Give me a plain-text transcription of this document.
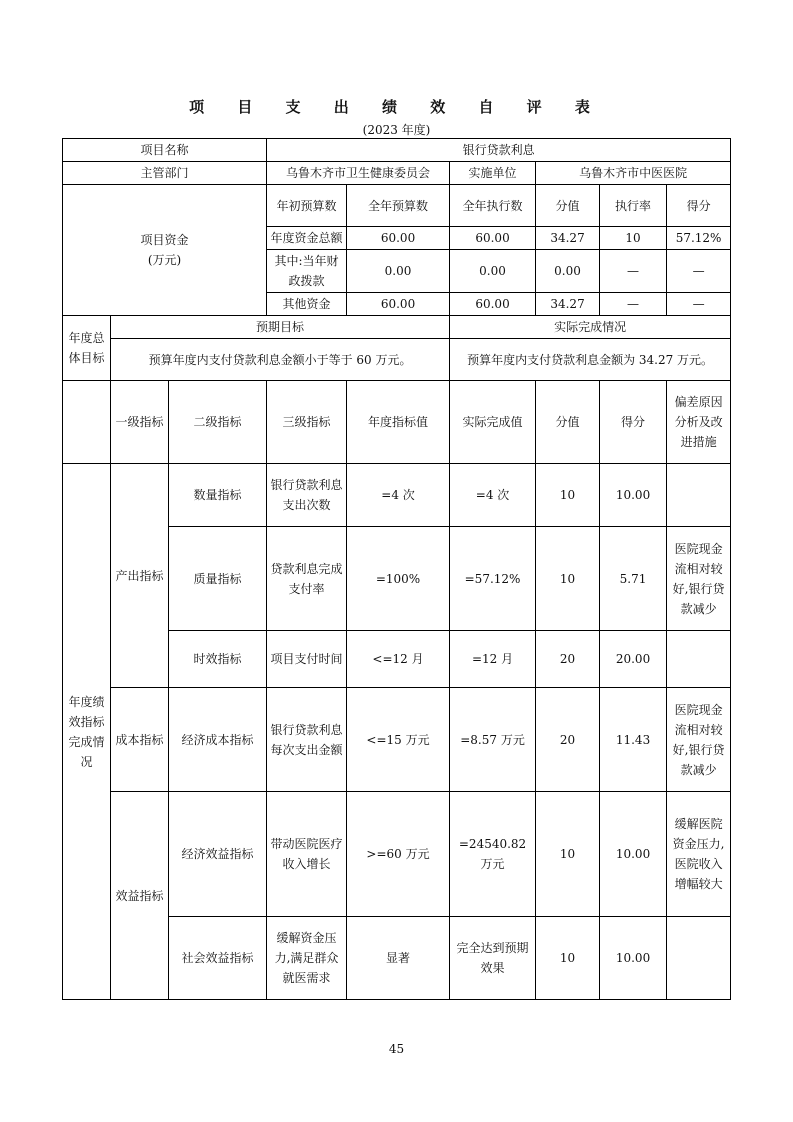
项 目 支 出 绩 效 自 评 表
(2023 年度)
项目名称			银行贷款利息					
主管部门			乌鲁木齐市卫生健康委员会		实施单位	乌鲁木齐市中医医院		

项目资金
(万元)			年初预算数	全年预算数	全年执行数	分值	执行率	得分
			年度资金总额	60.00	60.00	34.27	10	57.12%
			其中:当年财政拨款	0.00	0.00	0.00	—	—
			其他资金	60.00	60.00	34.27	—	—
年度总体目标	预期目标				实际完成情况			
	预算年度内支付贷款利息金额小于等于 60 万元。				预算年度内支付贷款利息金额为 34.27 万元。			
	一级指标	二级指标	三级指标	年度指标值	实际完成值	分值	得分	偏差原因分析及改进措施
年度绩效指标完成情况	产出指标	数量指标	银行贷款利息支出次数	=4 次	=4 次	10	10.00	
		质量指标	贷款利息完成支付率	=100%	=57.12%	10	5.71	医院现金流相对较好,银行贷款减少
		时效指标	项目支付时间	<=12 月	=12 月	20	20.00	
	成本指标	经济成本指标	银行贷款利息每次支出金额	<=15 万元	=8.57 万元	20	11.43	医院现金流相对较好,银行贷款减少
	效益指标	经济效益指标	带动医院医疗收入增长	>=60 万元	=24540.82 万元	10	10.00	缓解医院资金压力,医院收入增幅较大
		社会效益指标	缓解资金压力,满足群众就医需求	显著	完全达到预期效果	10	10.00	
45
